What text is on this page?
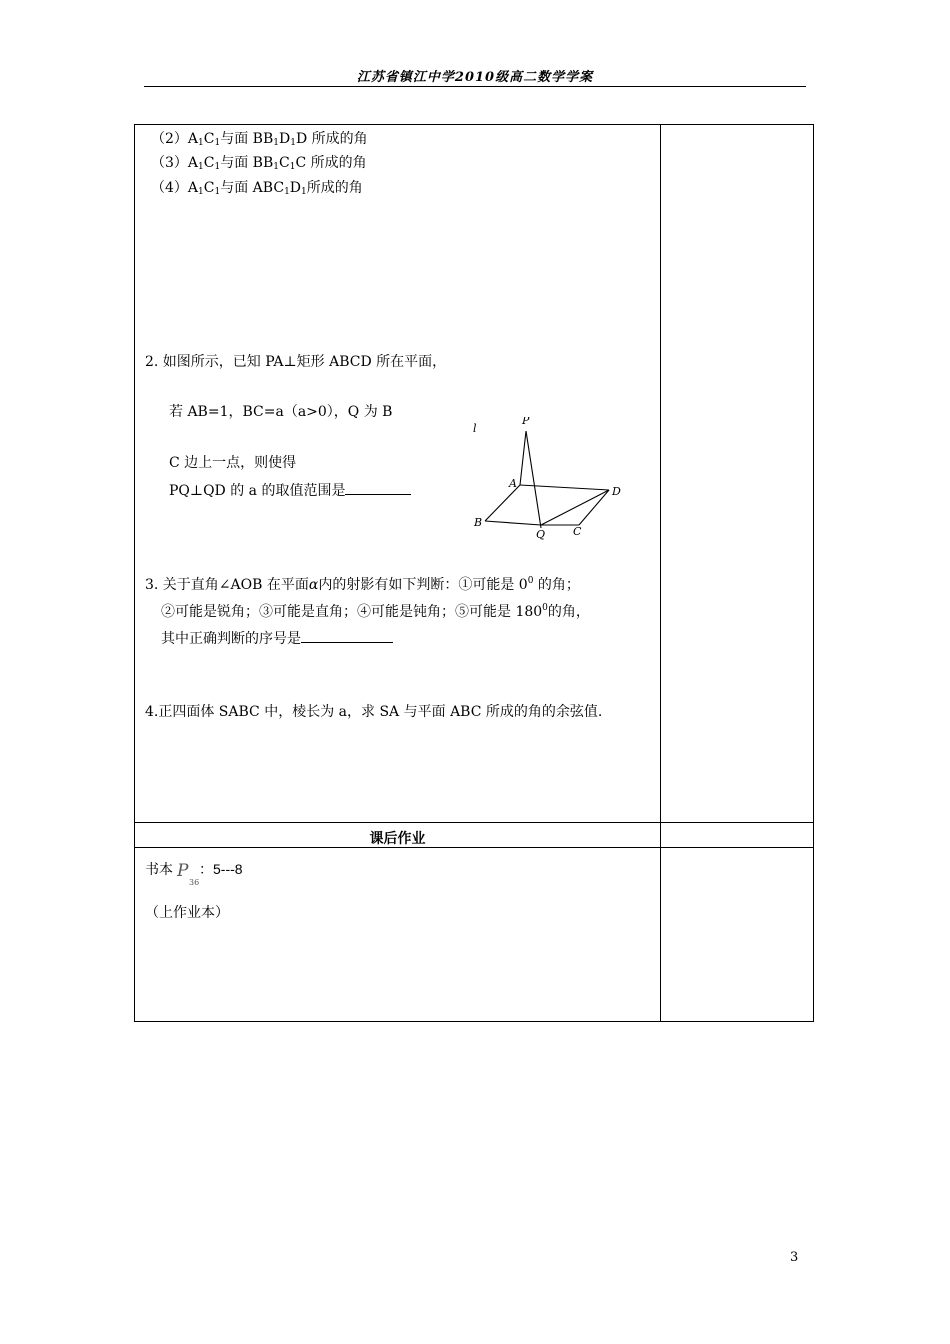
江苏省镇江中学2010级高二数学学案
$(2)A_1C_1$与面 $BB_1D_1D$ 所成的角
$(3)A_1C_1$与面 $BB_1C_1C$ 所成的角
$(4)A_1C_1$与面 $ABC_1D_1$所成的角
2. 如图所示，已知 PA⊥矩形 ABCD 所在平面，
若 AB=1，BC=a（a>0），Q 为 B
C 边上一点，则使得
PQ⊥QD 的 a 的取值范围是
l
P
A
D
B
Q	C
3. 关于直角∠AOB 在平面α内的射影有如下判断：①可能是 $0^0$ 的角；
②可能是锐角；③可能是直角；④可能是钝角；⑤可能是 $180^0$的角，
其中正确判断的序号是
4.正四面体 SABC 中，棱长为 a，求 SA 与平面 ABC 所成的角的余弦值.
课后作业
书本 P
36
：5---8
（上作业本）
3
